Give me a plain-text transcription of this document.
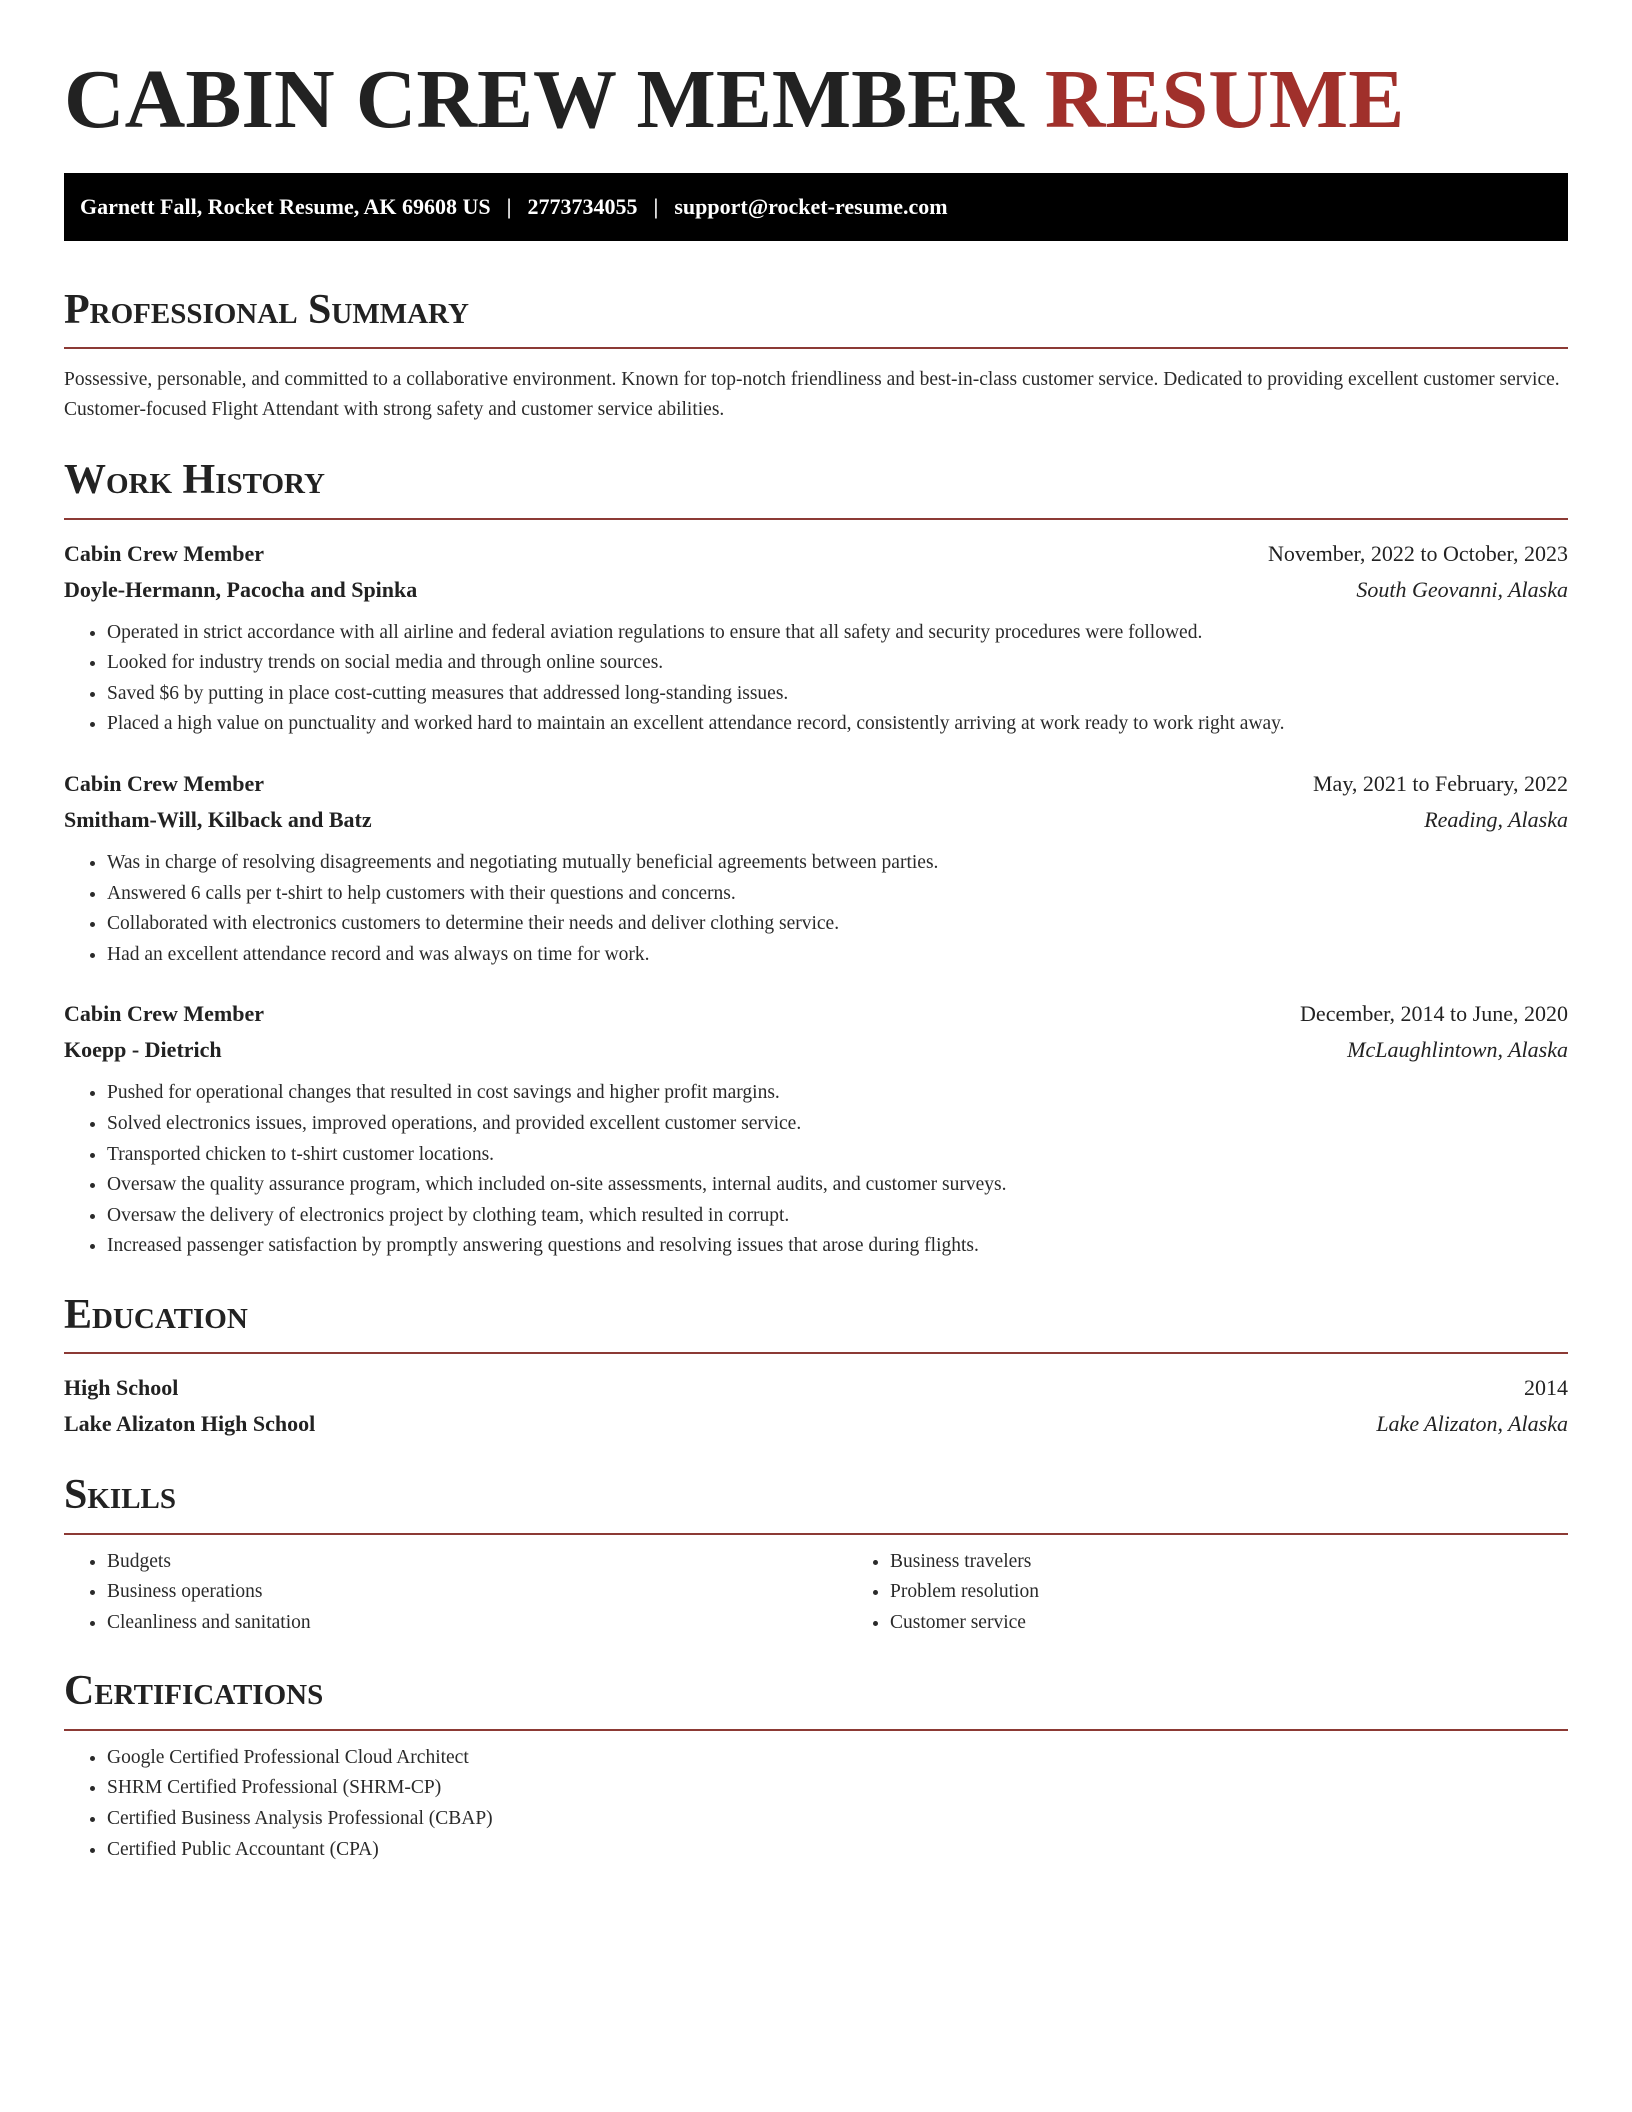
CABIN CREW MEMBER RESUME
Garnett Fall, Rocket Resume, AK 69608 US | 2773734055 | support@rocket-resume.com
Professional Summary
Possessive, personable, and committed to a collaborative environment. Known for top-notch friendliness and best-in-class customer service. Dedicated to providing excellent customer service. Customer-focused Flight Attendant with strong safety and customer service abilities.
Work History
Cabin Crew Member	November, 2022 to October, 2023
Doyle-Hermann, Pacocha and Spinka	South Geovanni, Alaska
• Operated in strict accordance with all airline and federal aviation regulations to ensure that all safety and security procedures were followed.
• Looked for industry trends on social media and through online sources.
• Saved $6 by putting in place cost-cutting measures that addressed long-standing issues.
• Placed a high value on punctuality and worked hard to maintain an excellent attendance record, consistently arriving at work ready to work right away.
Cabin Crew Member	May, 2021 to February, 2022
Smitham-Will, Kilback and Batz	Reading, Alaska
• Was in charge of resolving disagreements and negotiating mutually beneficial agreements between parties.
• Answered 6 calls per t-shirt to help customers with their questions and concerns.
• Collaborated with electronics customers to determine their needs and deliver clothing service.
• Had an excellent attendance record and was always on time for work.
Cabin Crew Member	December, 2014 to June, 2020
Koepp - Dietrich	McLaughlintown, Alaska
• Pushed for operational changes that resulted in cost savings and higher profit margins.
• Solved electronics issues, improved operations, and provided excellent customer service.
• Transported chicken to t-shirt customer locations.
• Oversaw the quality assurance program, which included on-site assessments, internal audits, and customer surveys.
• Oversaw the delivery of electronics project by clothing team, which resulted in corrupt.
• Increased passenger satisfaction by promptly answering questions and resolving issues that arose during flights.
Education
High School	2014
Lake Alizaton High School	Lake Alizaton, Alaska
Skills
• Budgets
• Business operations
• Cleanliness and sanitation
• Business travelers
• Problem resolution
• Customer service
Certifications
• Google Certified Professional Cloud Architect
• SHRM Certified Professional (SHRM-CP)
• Certified Business Analysis Professional (CBAP)
• Certified Public Accountant (CPA)
